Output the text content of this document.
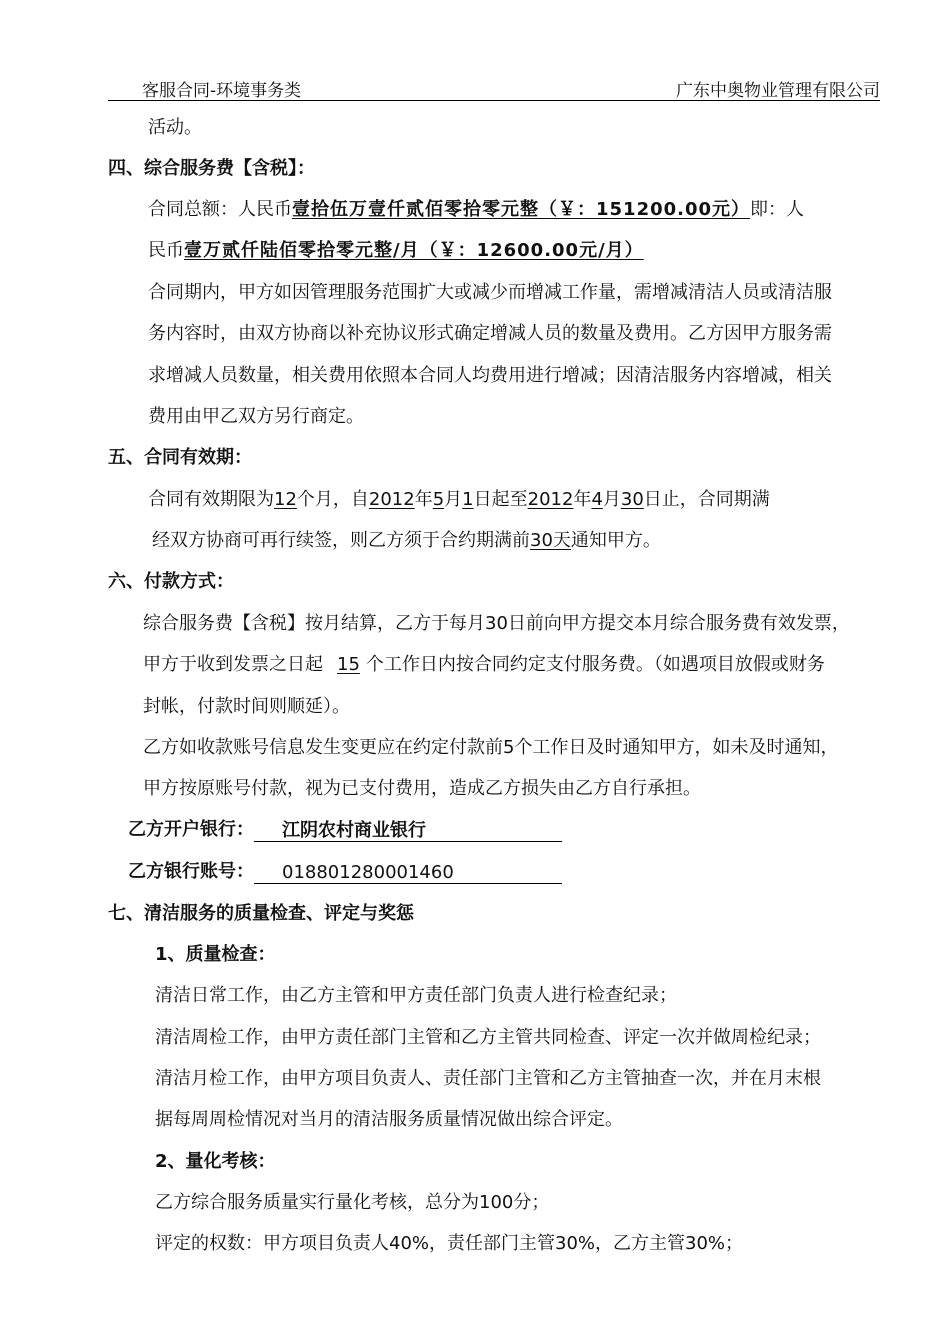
客服合同-环境事务类	广东中奥物业管理有限公司
活动。
四、综合服务费【含税】：
合同总额：人民币壹拾伍万壹仟贰佰零拾零元整（￥：151200.00元）即：人
民币壹万贰仟陆佰零拾零元整/月（￥：12600.00元/月）
合同期内，甲方如因管理服务范围扩大或减少而增减工作量，需增减清洁人员或清洁服
务内容时，由双方协商以补充协议形式确定增减人员的数量及费用。乙方因甲方服务需
求增减人员数量，相关费用依照本合同人均费用进行增减；因清洁服务内容增减，相关
费用由甲乙双方另行商定。
五、合同有效期：
合同有效期限为12个月，自2012年5月1日起至2012年4月30日止，合同期满
经双方协商可再行续签，则乙方须于合约期满前30天通知甲方。
六、付款方式：
综合服务费【含税】按月结算，乙方于每月30日前向甲方提交本月综合服务费有效发票，
甲方于收到发票之日起 15 个工作日内按合同约定支付服务费。（如遇项目放假或财务
封帐，付款时间则顺延）。
乙方如收款账号信息发生变更应在约定付款前5个工作日及时通知甲方，如未及时通知，
甲方按原账号付款，视为已支付费用，造成乙方损失由乙方自行承担。
乙方开户银行： 江阴农村商业银行
乙方银行账号： 018801280001460
七、清洁服务的质量检查、评定与奖惩
1、质量检查：
清洁日常工作，由乙方主管和甲方责任部门负责人进行检查纪录；
清洁周检工作，由甲方责任部门主管和乙方主管共同检查、评定一次并做周检纪录；
清洁月检工作，由甲方项目负责人、责任部门主管和乙方主管抽查一次，并在月末根
据每周周检情况对当月的清洁服务质量情况做出综合评定。
2、量化考核：
乙方综合服务质量实行量化考核，总分为100分；
评定的权数：甲方项目负责人40%，责任部门主管30%，乙方主管30%；
